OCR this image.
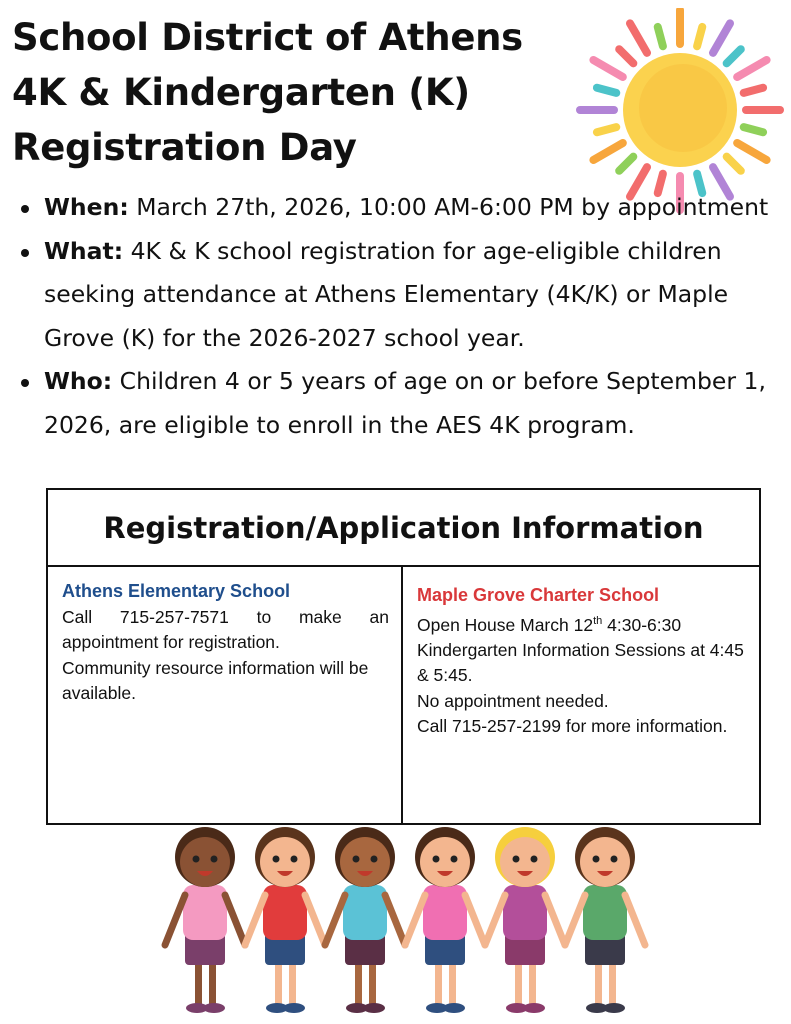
School District of Athens
4K & Kindergarten (K)
Registration Day
When: March 27th, 2026, 10:00 AM-6:00 PM by appointment
What: 4K & K school registration for age-eligible children seeking attendance at Athens Elementary (4K/K) or Maple Grove (K) for the 2026-2027 school year.
Who: Children 4 or 5 years of age on or before September 1, 2026, are eligible to enroll in the AES 4K program.
Registration/Application Information
Athens Elementary School

Call 715-257-7571 to make an appointment for registration.

Community resource information will be available.

Maple Grove Charter School

Open House March 12th 4:30-6:30

Kindergarten Information Sessions at 4:45 & 5:45.

No appointment needed.

Call 715-257-2199 for more information.
